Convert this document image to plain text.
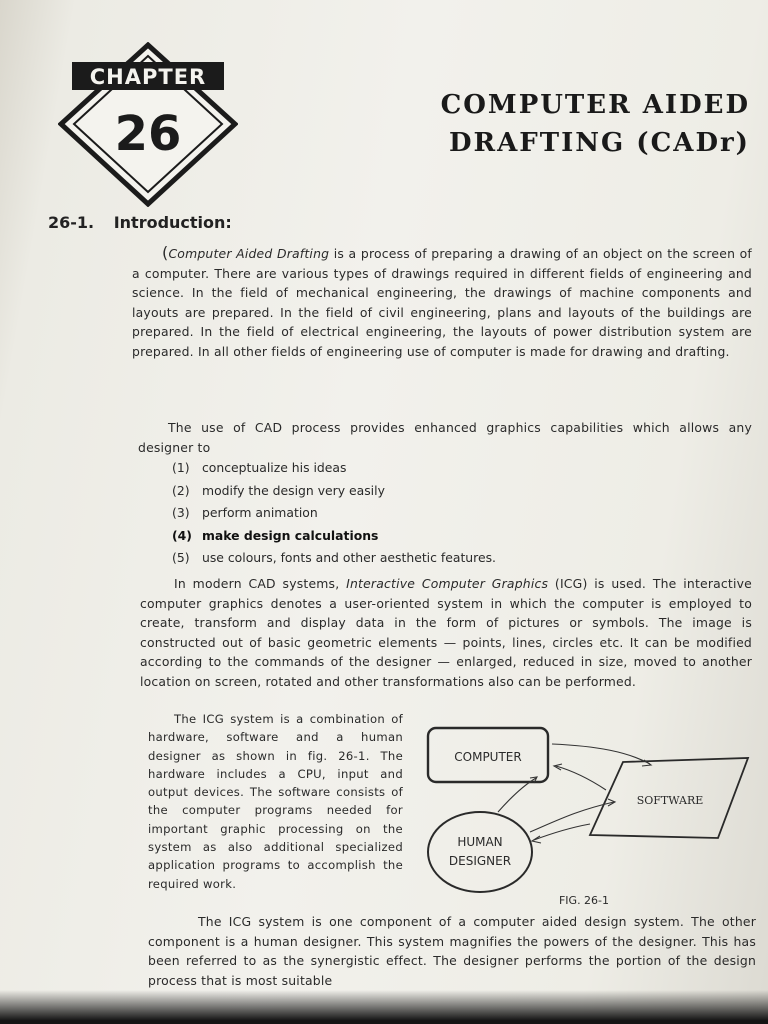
CHAPTER
26
COMPUTER AIDED
DRAFTING (CADr)
26-1. Introduction:
(Computer Aided Drafting is a process of preparing a drawing of an object on the screen of a computer. There are various types of drawings required in different fields of engineering and science. In the field of mechanical engineering, the drawings of machine components and layouts are prepared. In the field of civil engineering, plans and layouts of the buildings are prepared. In the field of electrical engineering, the layouts of power distribution system are prepared. In all other fields of engineering use of computer is made for drawing and drafting.
The use of CAD process provides enhanced graphics capabilities which allows any designer to
(1) conceptualize his ideas
(2) modify the design very easily
(3) perform animation
(4) make design calculations
(5) use colours, fonts and other aesthetic features.
In modern CAD systems, Interactive Computer Graphics (ICG) is used. The interactive computer graphics denotes a user-oriented system in which the computer is employed to create, transform and display data in the form of pictures or symbols. The image is constructed out of basic geometric elements — points, lines, circles etc. It can be modified according to the commands of the designer — enlarged, reduced in size, moved to another location on screen, rotated and other transformations also can be performed.
The ICG system is a combination of hardware, software and a human designer as shown in fig. 26-1. The hardware includes a CPU, input and output devices. The software consists of the computer programs needed for important graphic processing on the system as also additional specialized application programs to accomplish the required work.
COMPUTER
SOFTWARE
HUMAN
DESIGNER
FIG. 26-1
The ICG system is one component of a computer aided design system. The other component is a human designer. This system magnifies the powers of the designer. This has been referred to as the synergistic effect. The designer performs the portion of the design process that is most suitable
